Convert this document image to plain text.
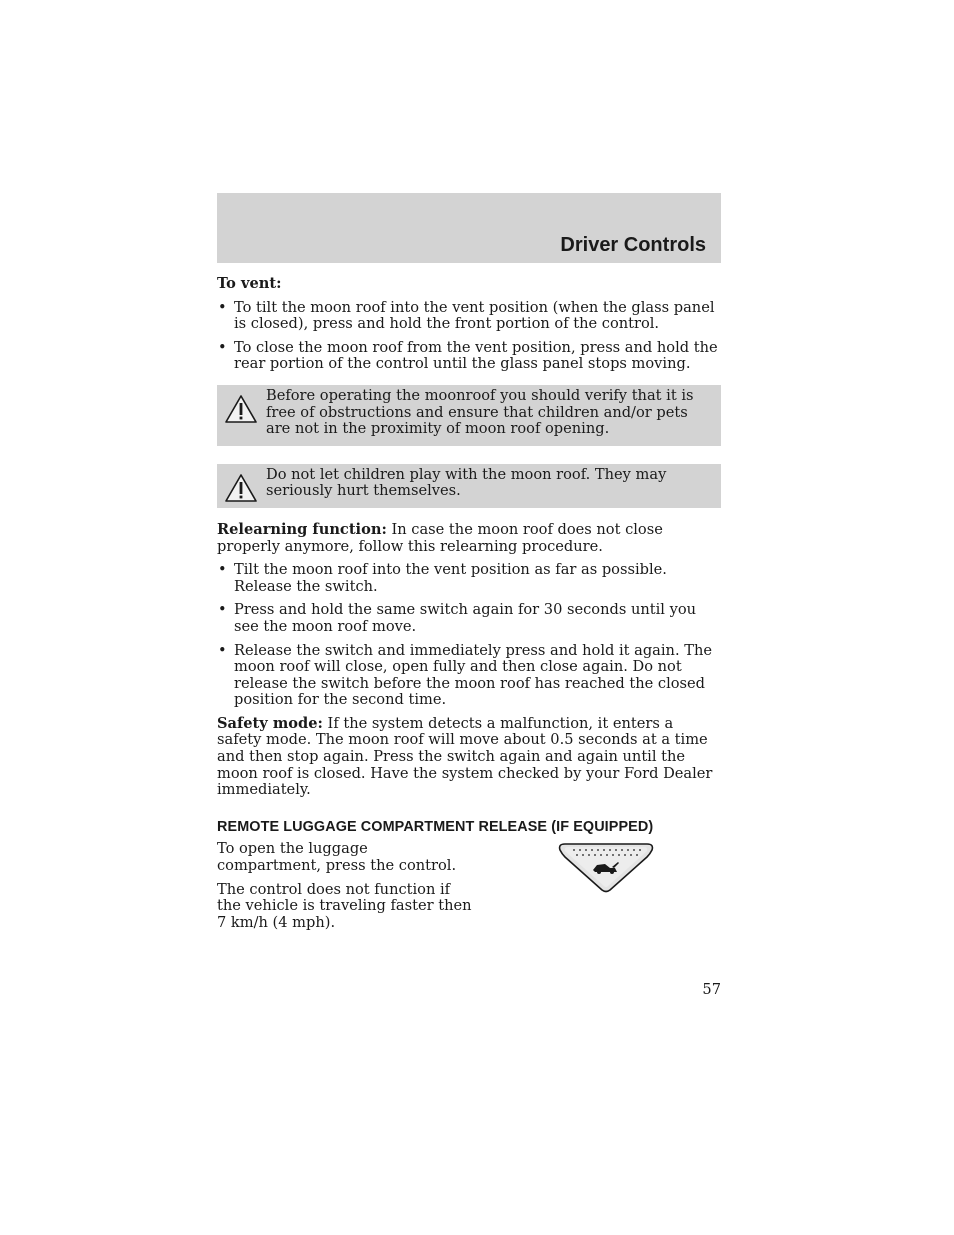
Driver Controls
To vent:
• To tilt the moon roof into the vent position (when the glass panel is closed), press and hold the front portion of the control.
• To close the moon roof from the vent position, press and hold the rear portion of the control until the glass panel stops moving.
Before operating the moonroof you should verify that it is free of obstructions and ensure that children and/or pets are not in the proximity of moon roof opening.
Do not let children play with the moon roof. They may seriously hurt themselves.
Relearning function: In case the moon roof does not close properly anymore, follow this relearning procedure.
• Tilt the moon roof into the vent position as far as possible. Release the switch.
• Press and hold the same switch again for 30 seconds until you see the moon roof move.
• Release the switch and immediately press and hold it again. The moon roof will close, open fully and then close again. Do not release the switch before the moon roof has reached the closed position for the second time.
Safety mode: If the system detects a malfunction, it enters a safety mode. The moon roof will move about 0.5 seconds at a time and then stop again. Press the switch again and again until the moon roof is closed. Have the system checked by your Ford Dealer immediately.
REMOTE LUGGAGE COMPARTMENT RELEASE (IF EQUIPPED)
To open the luggage compartment, press the control.
The control does not function if the vehicle is traveling faster then 7 km/h (4 mph).
57
